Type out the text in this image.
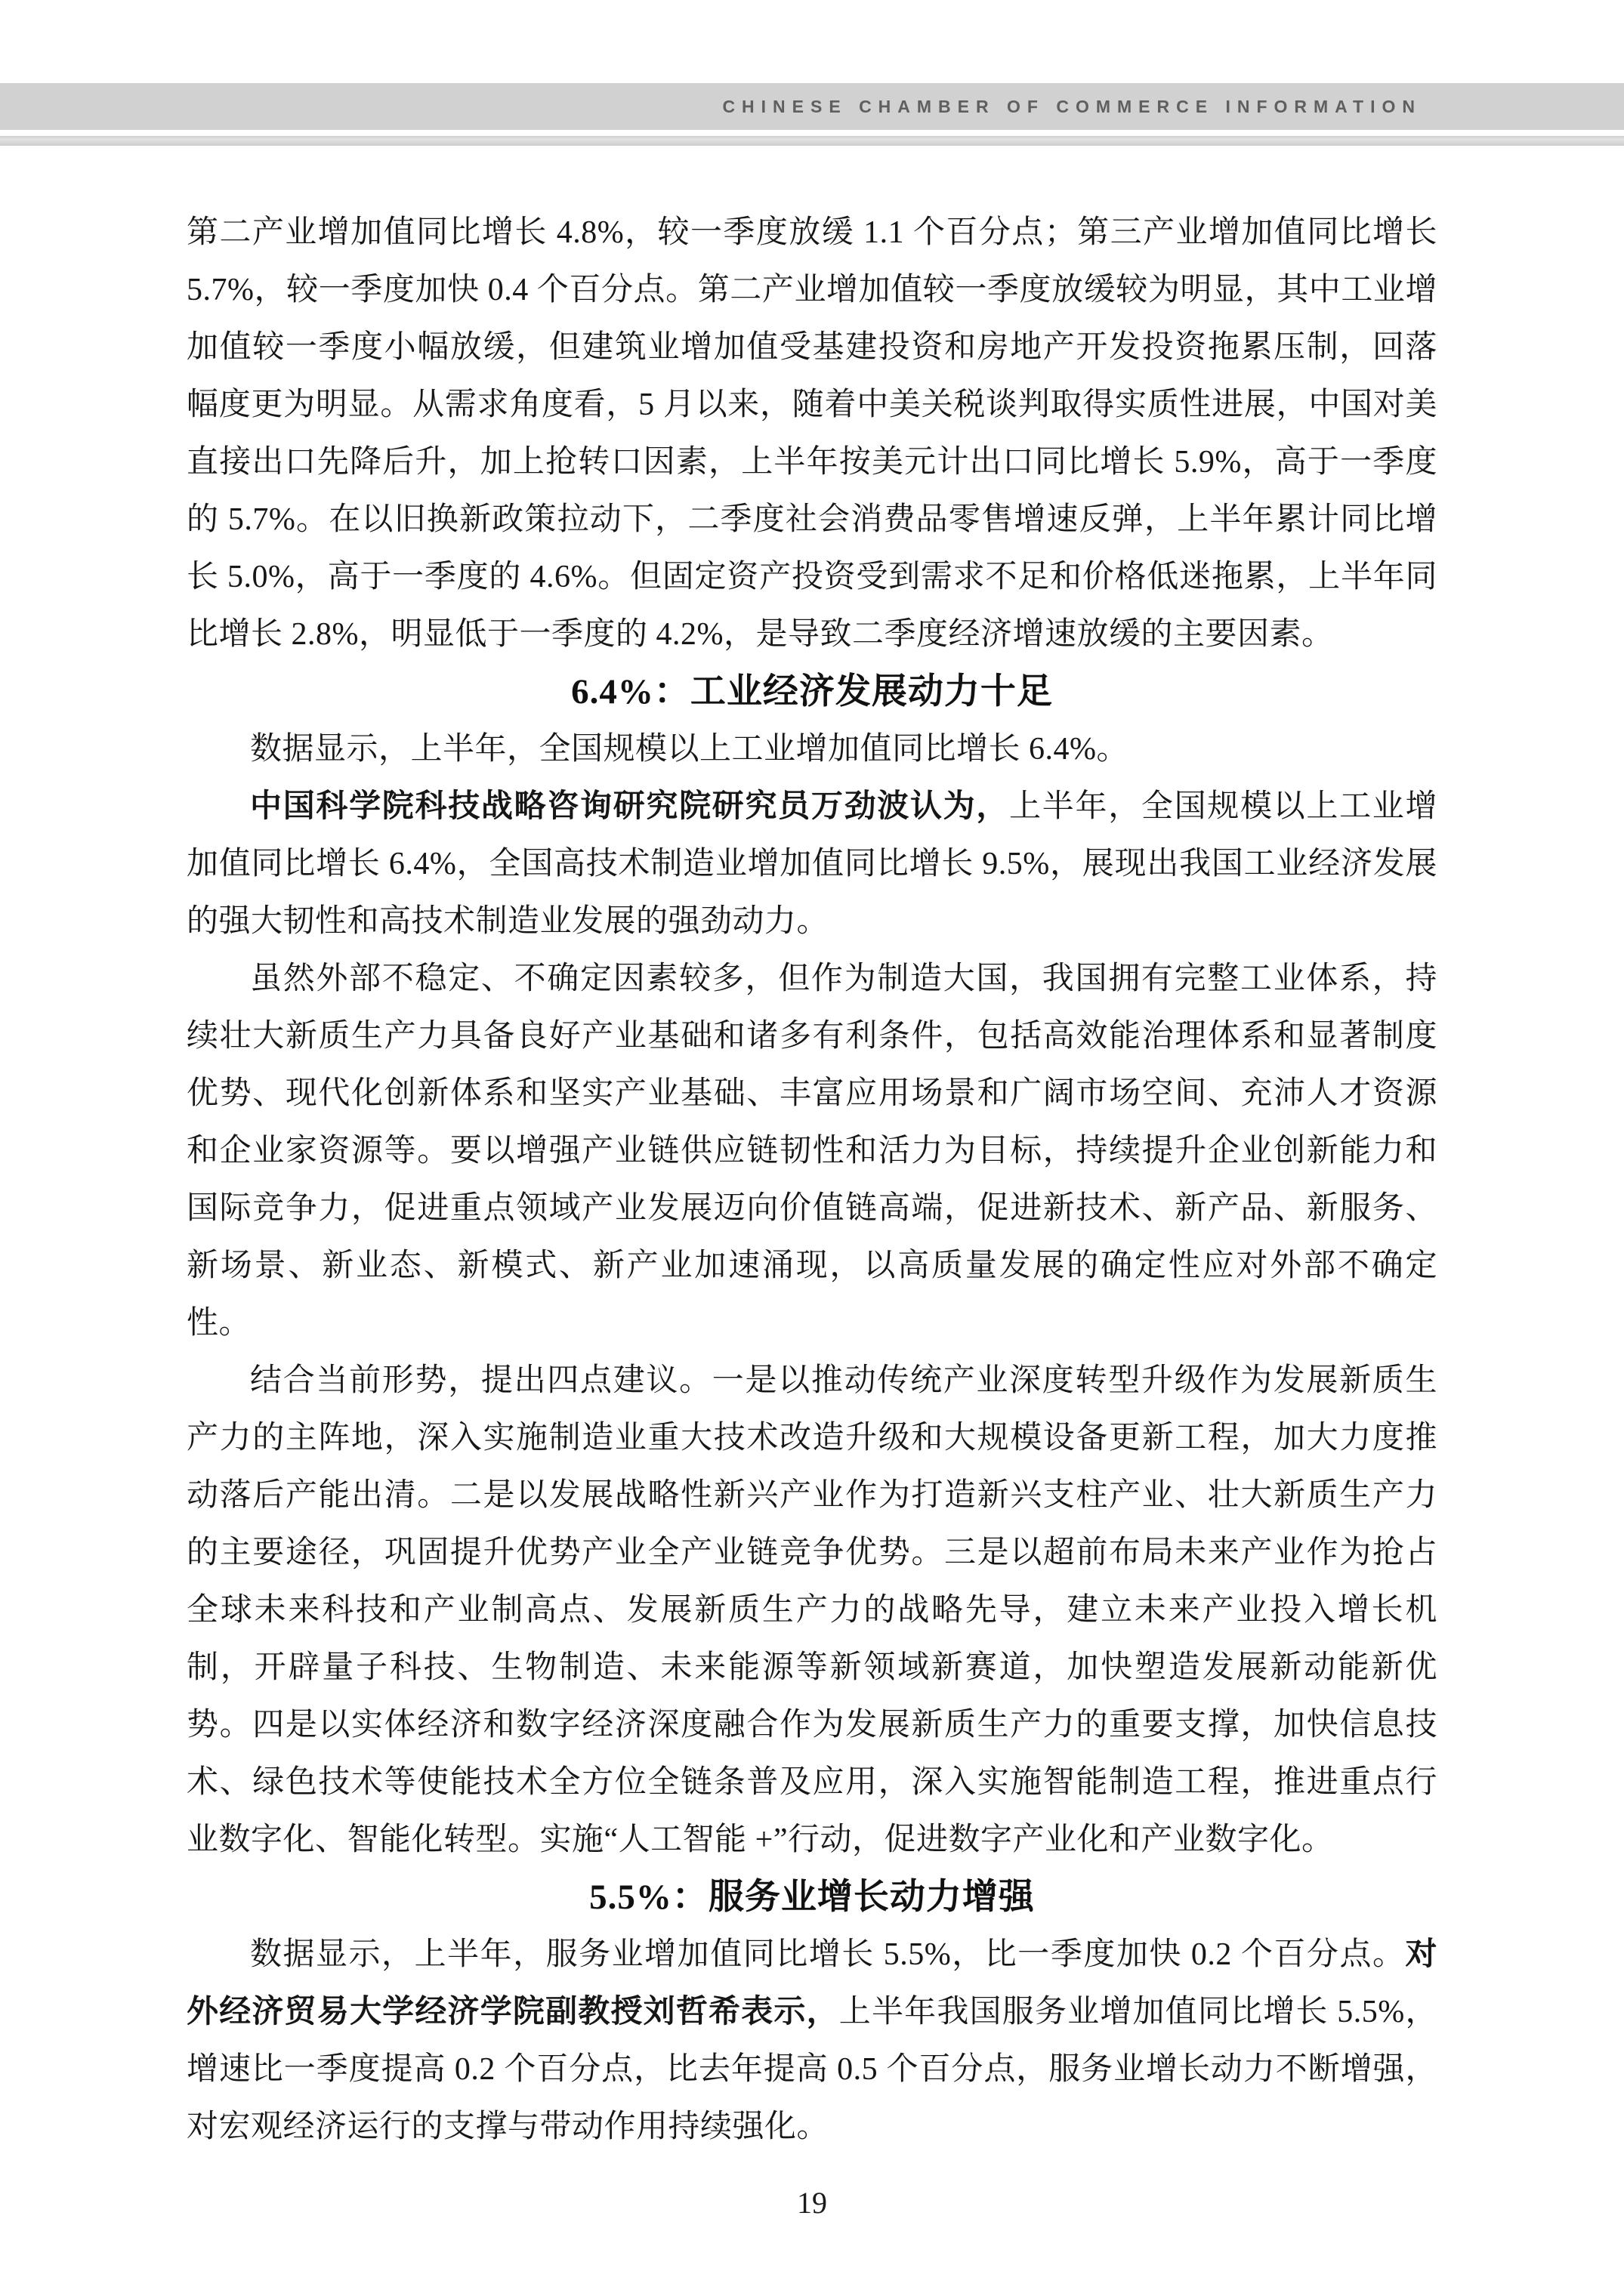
CHINESE CHAMBER OF COMMERCE INFORMATION

第二产业增加值同比增长 4.8%，较一季度放缓 1.1 个百分点；第三产业增加值同比增长 5.7%，较一季度加快 0.4 个百分点。第二产业增加值较一季度放缓较为明显，其中工业增加值较一季度小幅放缓，但建筑业增加值受基建投资和房地产开发投资拖累压制，回落幅度更为明显。从需求角度看，5 月以来，随着中美关税谈判取得实质性进展，中国对美直接出口先降后升，加上抢转口因素，上半年按美元计出口同比增长 5.9%，高于一季度的 5.7%。在以旧换新政策拉动下，二季度社会消费品零售增速反弹，上半年累计同比增长 5.0%，高于一季度的 4.6%。但固定资产投资受到需求不足和价格低迷拖累，上半年同比增长 2.8%，明显低于一季度的 4.2%，是导致二季度经济增速放缓的主要因素。

6.4%：工业经济发展动力十足

数据显示，上半年，全国规模以上工业增加值同比增长 6.4%。

中国科学院科技战略咨询研究院研究员万劲波认为，上半年，全国规模以上工业增加值同比增长 6.4%，全国高技术制造业增加值同比增长 9.5%，展现出我国工业经济发展的强大韧性和高技术制造业发展的强劲动力。

虽然外部不稳定、不确定因素较多，但作为制造大国，我国拥有完整工业体系，持续壮大新质生产力具备良好产业基础和诸多有利条件，包括高效能治理体系和显著制度优势、现代化创新体系和坚实产业基础、丰富应用场景和广阔市场空间、充沛人才资源和企业家资源等。要以增强产业链供应链韧性和活力为目标，持续提升企业创新能力和国际竞争力，促进重点领域产业发展迈向价值链高端，促进新技术、新产品、新服务、新场景、新业态、新模式、新产业加速涌现，以高质量发展的确定性应对外部不确定性。

结合当前形势，提出四点建议。一是以推动传统产业深度转型升级作为发展新质生产力的主阵地，深入实施制造业重大技术改造升级和大规模设备更新工程，加大力度推动落后产能出清。二是以发展战略性新兴产业作为打造新兴支柱产业、壮大新质生产力的主要途径，巩固提升优势产业全产业链竞争优势。三是以超前布局未来产业作为抢占全球未来科技和产业制高点、发展新质生产力的战略先导，建立未来产业投入增长机制，开辟量子科技、生物制造、未来能源等新领域新赛道，加快塑造发展新动能新优势。四是以实体经济和数字经济深度融合作为发展新质生产力的重要支撑，加快信息技术、绿色技术等使能技术全方位全链条普及应用，深入实施智能制造工程，推进重点行业数字化、智能化转型。实施“人工智能 +”行动，促进数字产业化和产业数字化。

5.5%：服务业增长动力增强

数据显示，上半年，服务业增加值同比增长 5.5%，比一季度加快 0.2 个百分点。对外经济贸易大学经济学院副教授刘哲希表示，上半年我国服务业增加值同比增长 5.5%，增速比一季度提高 0.2 个百分点，比去年提高 0.5 个百分点，服务业增长动力不断增强，对宏观经济运行的支撑与带动作用持续强化。

19
